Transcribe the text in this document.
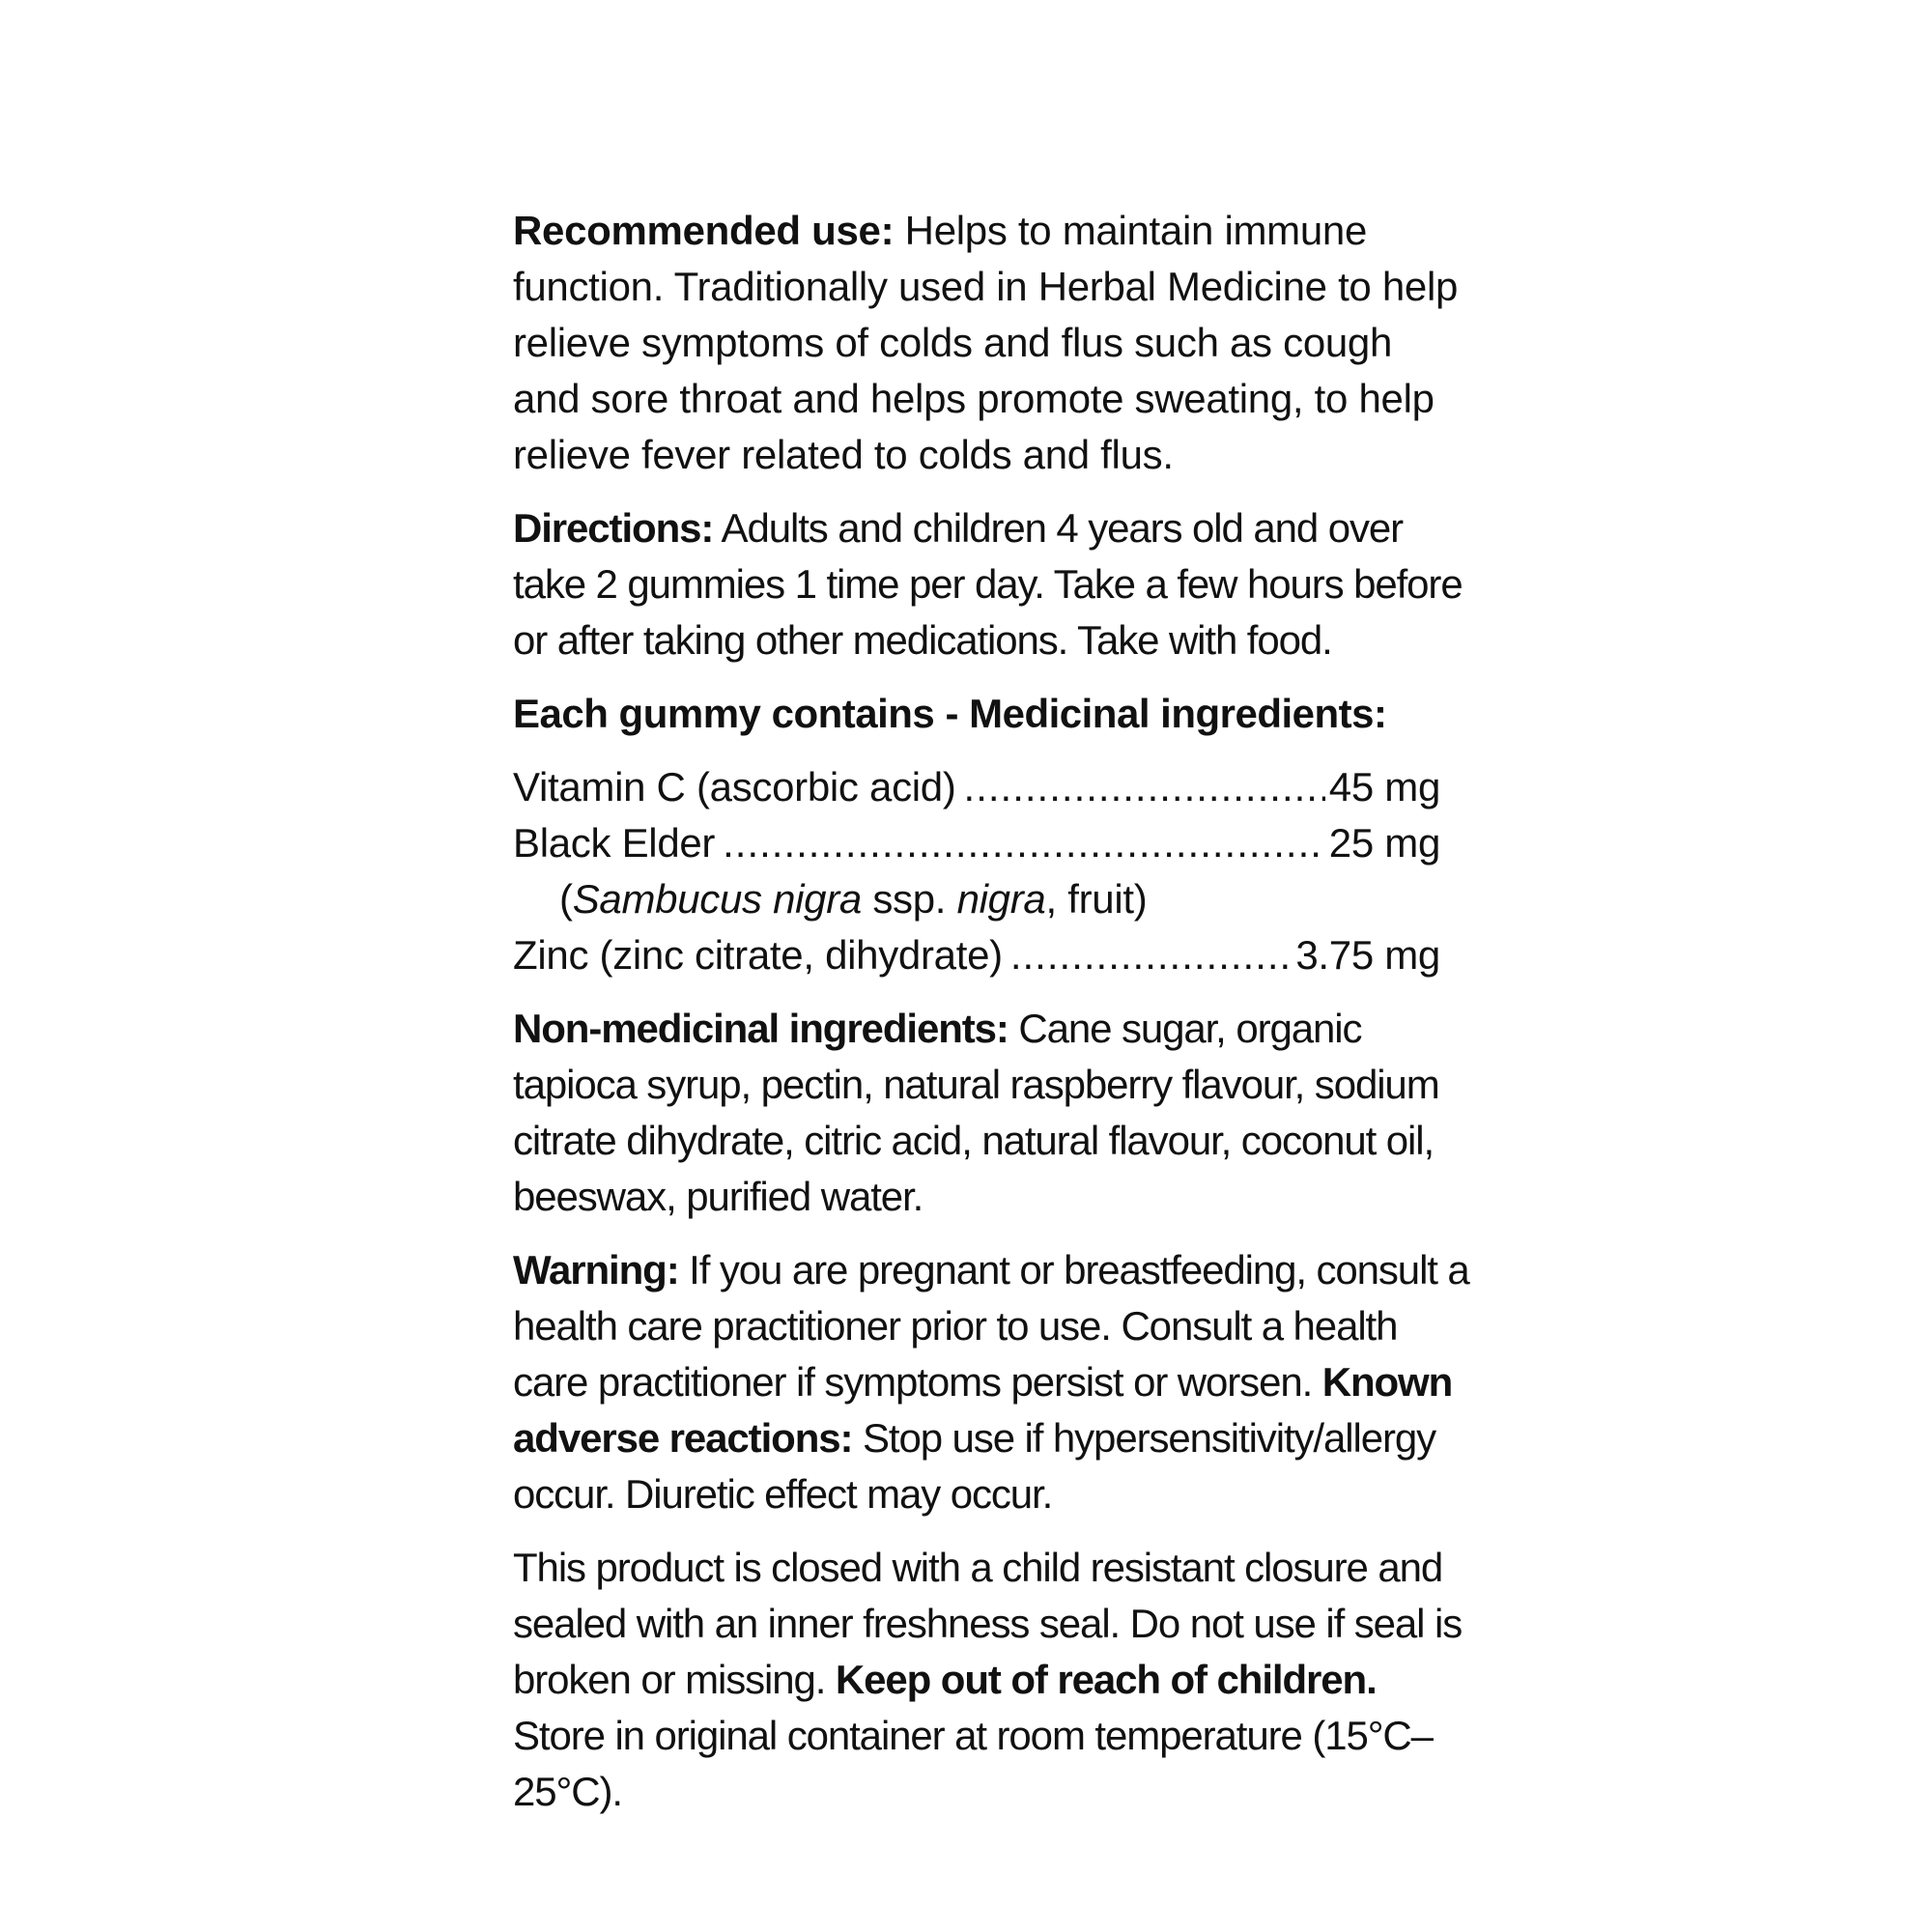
Recommended use: Helps to maintain immune function. Traditionally used in Herbal Medicine to help relieve symptoms of colds and flus such as cough and sore throat and helps promote sweating, to help relieve fever related to colds and flus.

Directions: Adults and children 4 years old and over take 2 gummies 1 time per day. Take a few hours before or after taking other medications. Take with food.

Each gummy contains - Medicinal ingredients:
Vitamin C (ascorbic acid) .....	45 mg
Black Elder .....	25 mg
(Sambucus nigra ssp. nigra, fruit)
Zinc (zinc citrate, dihydrate) .....	3.75 mg

Non-medicinal ingredients: Cane sugar, organic tapioca syrup, pectin, natural raspberry flavour, sodium citrate dihydrate, citric acid, natural flavour, coconut oil, beeswax, purified water.

Warning: If you are pregnant or breastfeeding, consult a health care practitioner prior to use. Consult a health care practitioner if symptoms persist or worsen. Known adverse reactions: Stop use if hypersensitivity/allergy occur. Diuretic effect may occur.

This product is closed with a child resistant closure and sealed with an inner freshness seal. Do not use if seal is broken or missing. Keep out of reach of children. Store in original container at room temperature (15°C–25°C).
